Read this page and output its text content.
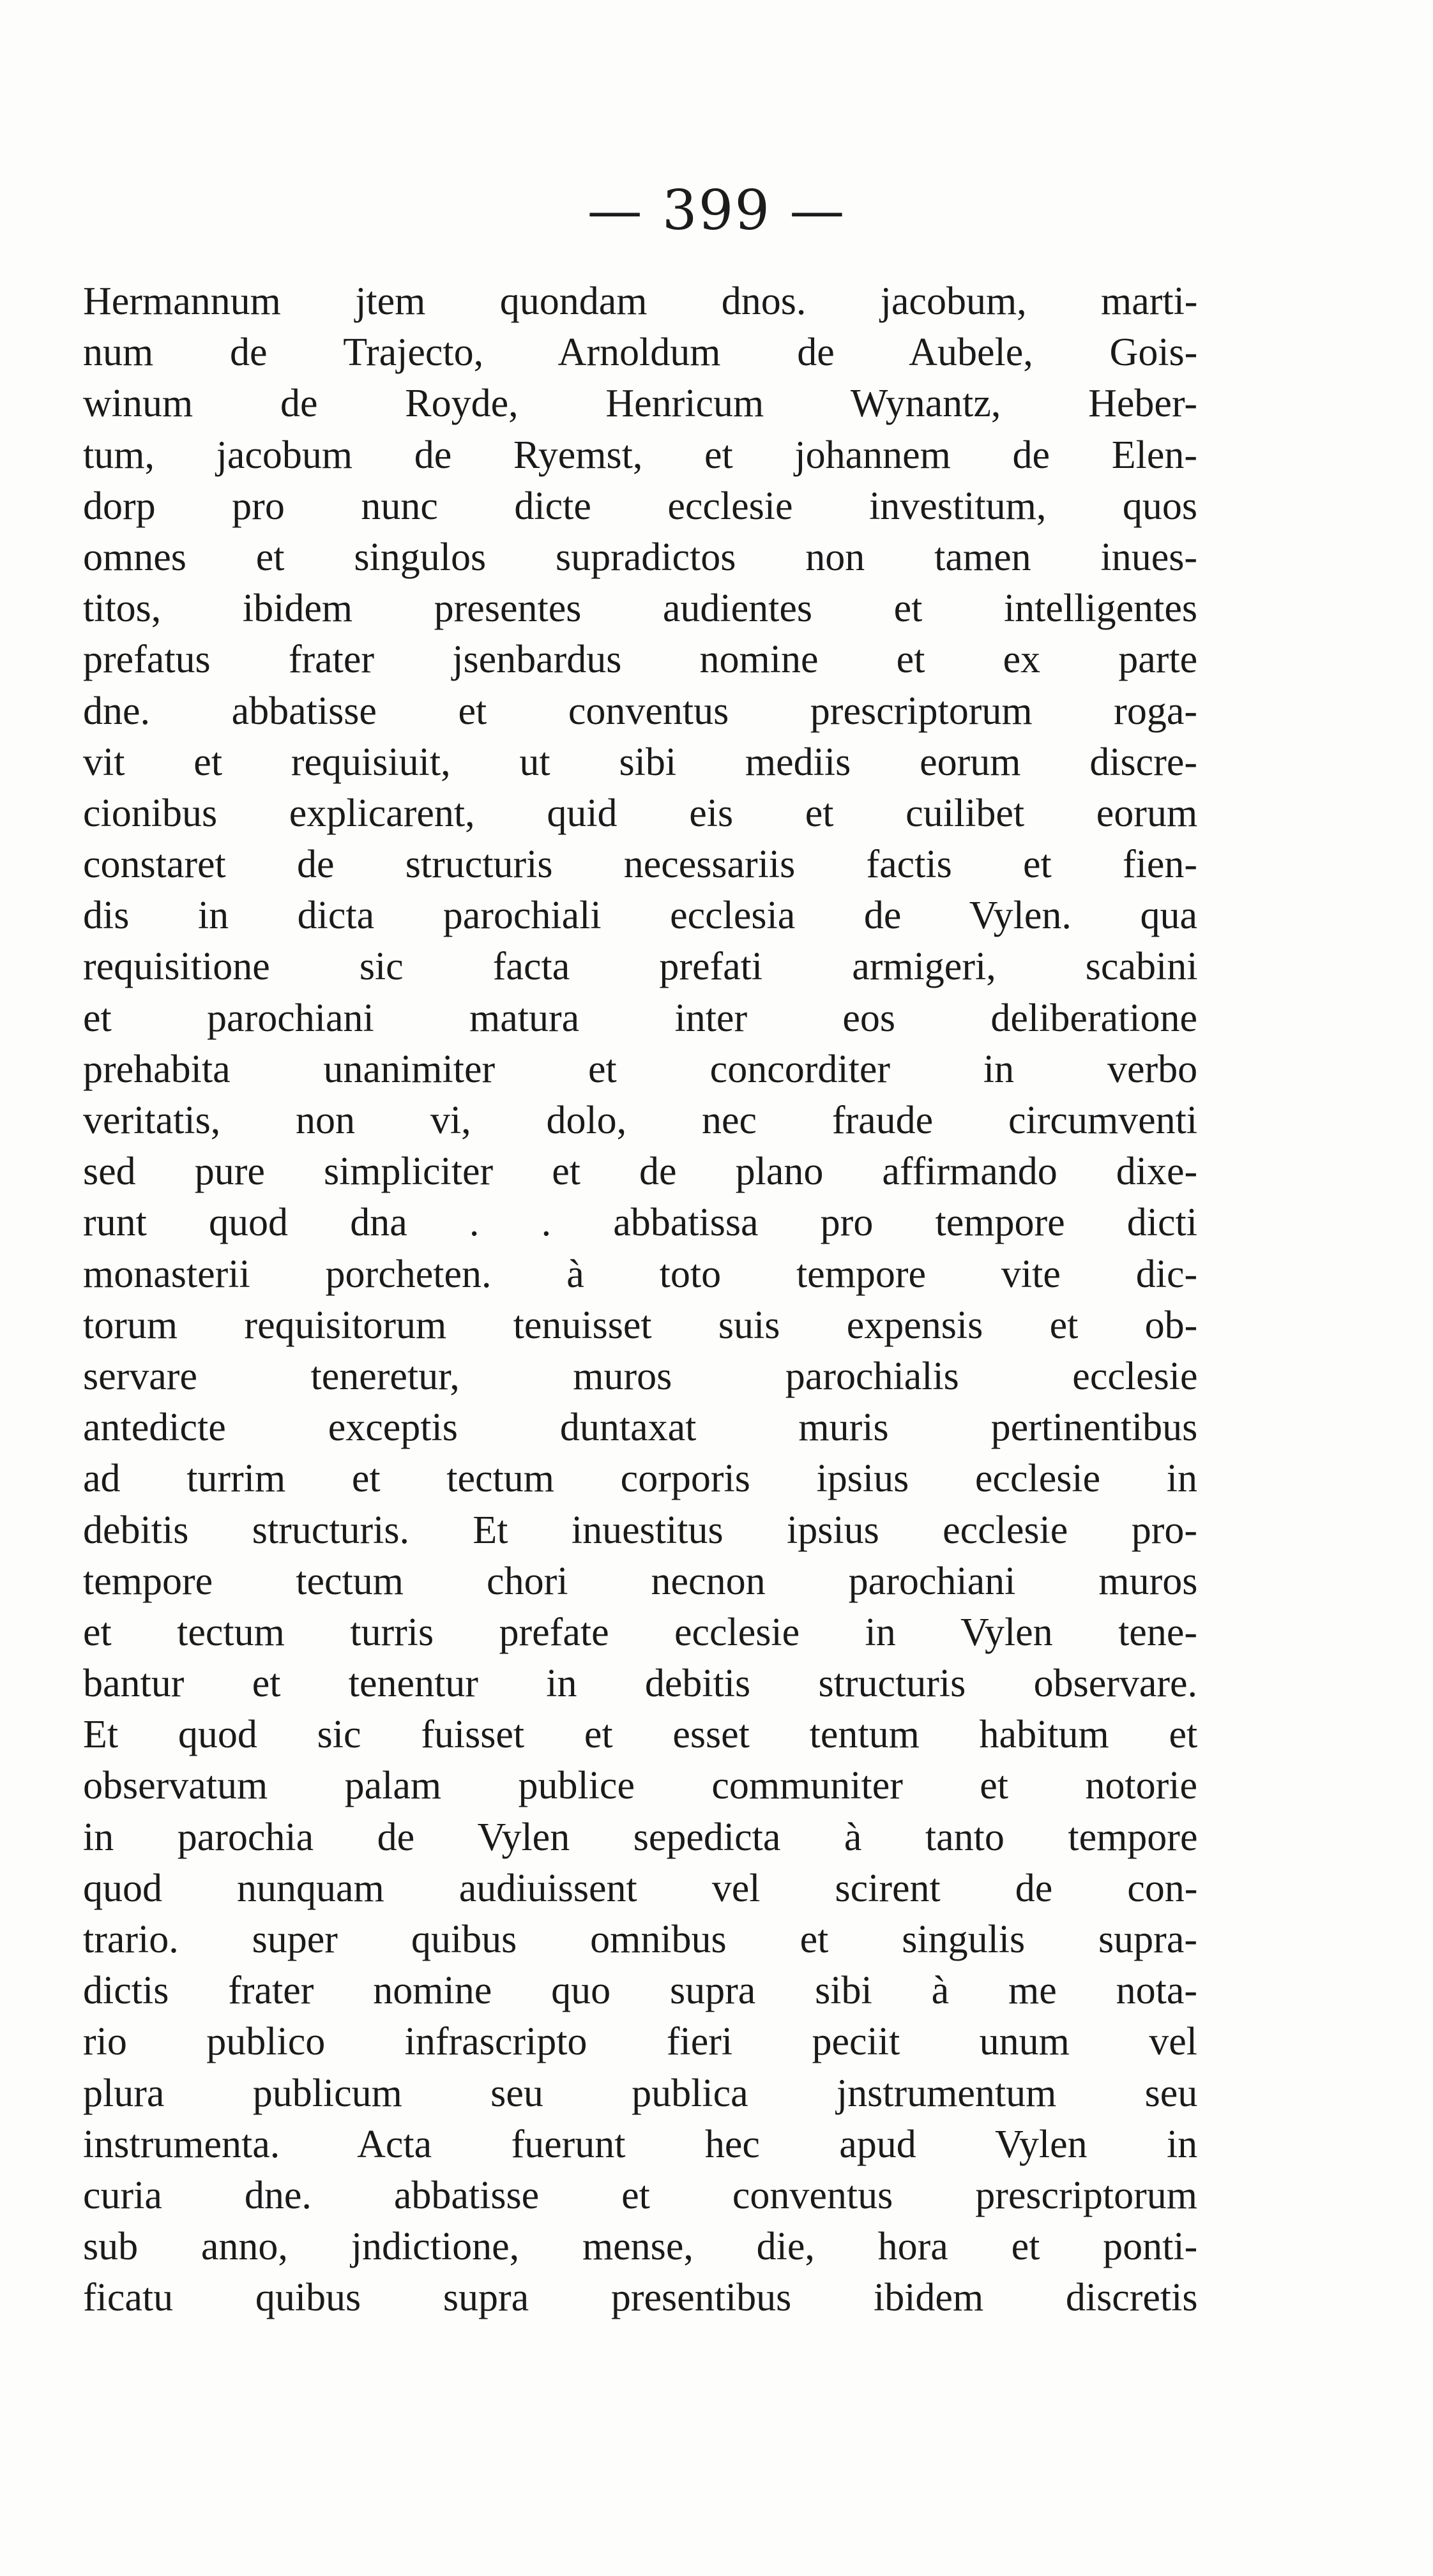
— 399 —
Hermannum jtem quondam dnos. jacobum, marti-
num de Trajecto, Arnoldum de Aubele, Gois-
winum de Royde, Henricum Wynantz, Heber-
tum, jacobum de Ryemst, et johannem de Elen-
dorp pro nunc dicte ecclesie investitum, quos
omnes et singulos supradictos non tamen inues-
titos, ibidem presentes audientes et intelligentes
prefatus frater jsenbardus nomine et ex parte
dne. abbatisse et conventus prescriptorum roga-
vit et requisiuit, ut sibi mediis eorum discre-
cionibus explicarent, quid eis et cuilibet eorum
constaret de structuris necessariis factis et fien-
dis in dicta parochiali ecclesia de Vylen. qua
requisitione sic facta prefati armigeri, scabini
et parochiani matura inter eos deliberatione
prehabita unanimiter et concorditer in verbo
veritatis, non vi, dolo, nec fraude circumventi
sed pure simpliciter et de plano affirmando dixe-
runt quod dna . . abbatissa pro tempore dicti
monasterii porcheten. à toto tempore vite dic-
torum requisitorum tenuisset suis expensis et ob-
servare teneretur, muros parochialis ecclesie
antedicte exceptis duntaxat muris pertinentibus
ad turrim et tectum corporis ipsius ecclesie in
debitis structuris. Et inuestitus ipsius ecclesie pro-
tempore tectum chori necnon parochiani muros
et tectum turris prefate ecclesie in Vylen tene-
bantur et tenentur in debitis structuris observare.
Et quod sic fuisset et esset tentum habitum et
observatum palam publice communiter et notorie
in parochia de Vylen sepedicta à tanto tempore
quod nunquam audiuissent vel scirent de con-
trario. super quibus omnibus et singulis supra-
dictis frater nomine quo supra sibi à me nota-
rio publico infrascripto fieri peciit unum vel
plura publicum seu publica jnstrumentum seu
instrumenta. Acta fuerunt hec apud Vylen in
curia dne. abbatisse et conventus prescriptorum
sub anno, jndictione, mense, die, hora et ponti-
ficatu quibus supra presentibus ibidem discretis
